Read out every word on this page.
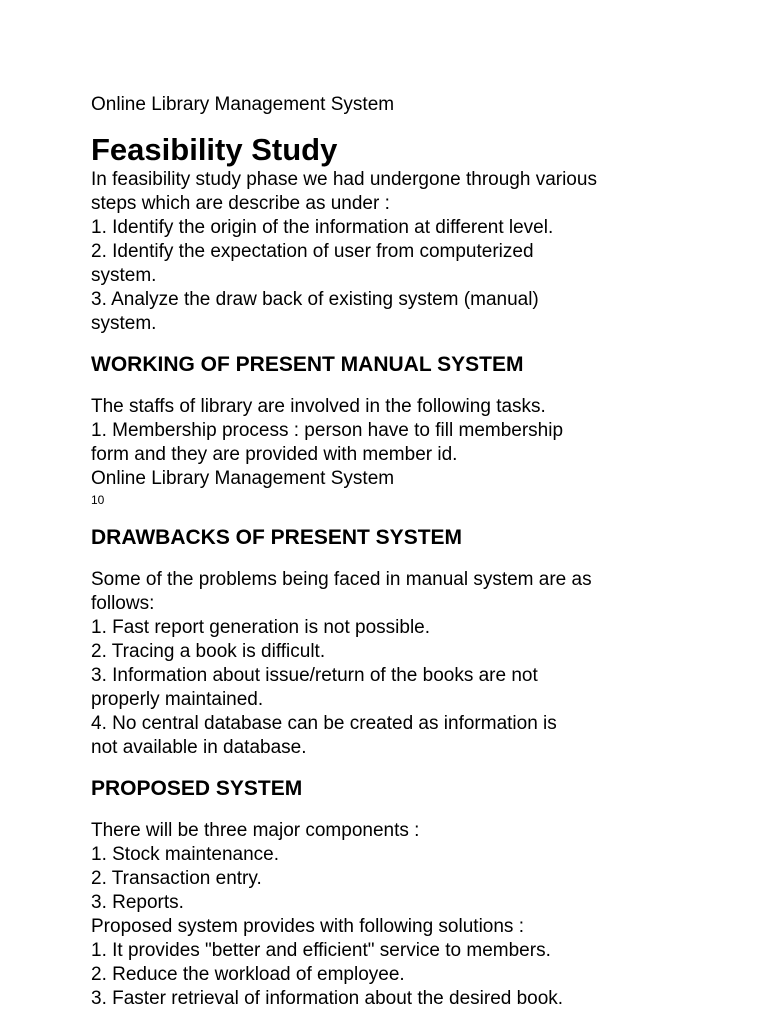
Online Library Management System
Feasibility Study
In feasibility study phase we had undergone through various
steps which are describe as under :
1. Identify the origin of the information at different level.
2. Identify the expectation of user from computerized
system.
3. Analyze the draw back of existing system (manual)
system.
WORKING OF PRESENT MANUAL SYSTEM
The staffs of library are involved in the following tasks.
1. Membership process : person have to fill membership
form and they are provided with member id.
Online Library Management System
10
DRAWBACKS OF PRESENT SYSTEM
Some of the problems being faced in manual system are as
follows:
1. Fast report generation is not possible.
2. Tracing a book is difficult.
3. Information about issue/return of the books are not
properly maintained.
4. No central database can be created as information is
not available in database.
PROPOSED SYSTEM
There will be three major components :
1. Stock maintenance.
2. Transaction entry.
3. Reports.
Proposed system provides with following solutions :
1. It provides "better and efficient" service to members.
2. Reduce the workload of employee.
3. Faster retrieval of information about the desired book.
